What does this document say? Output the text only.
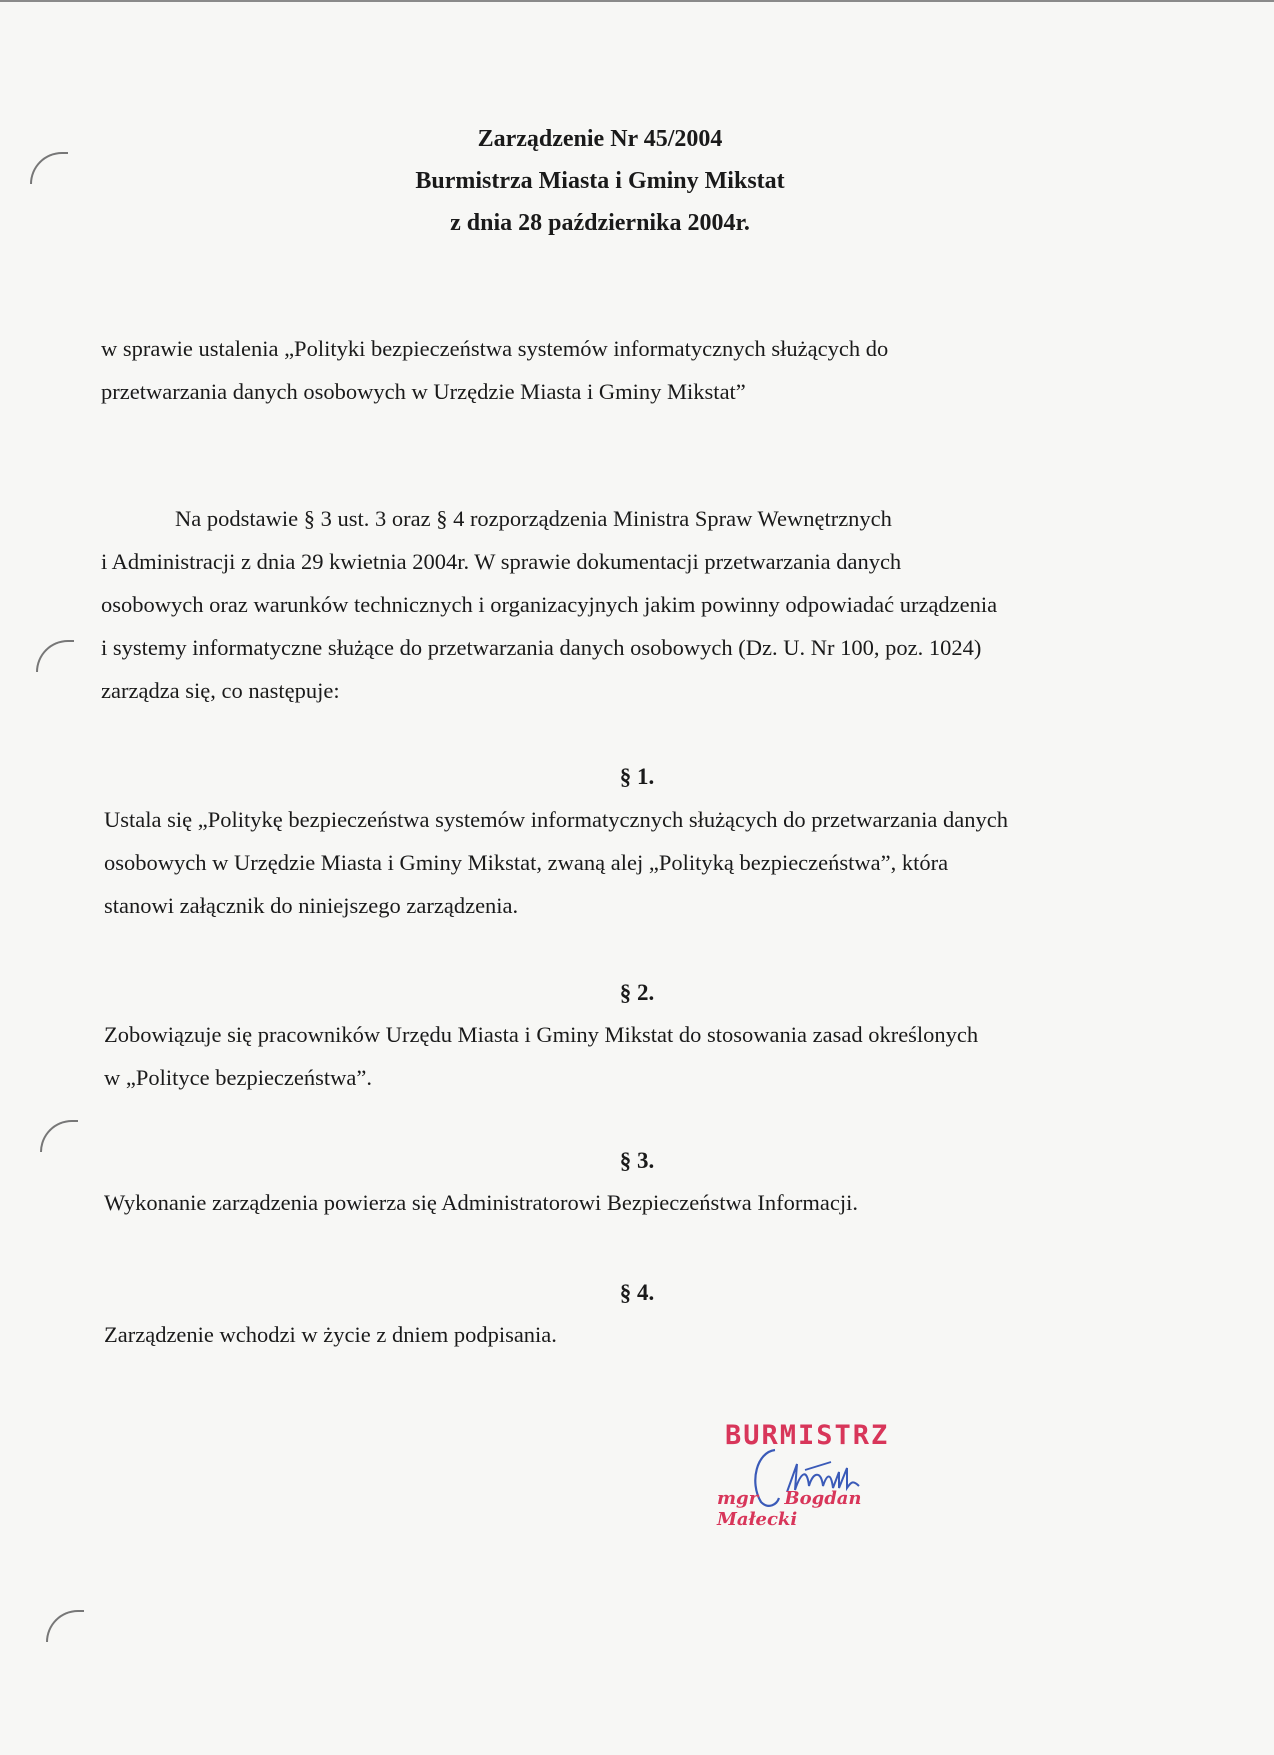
Zarządzenie Nr 45/2004
Burmistrza Miasta i Gminy Mikstat
z dnia 28 października 2004r.
w sprawie ustalenia „Polityki bezpieczeństwa systemów informatycznych służących do
przetwarzania danych osobowych w Urzędzie Miasta i Gminy Mikstat”
Na podstawie § 3 ust. 3 oraz § 4 rozporządzenia Ministra Spraw Wewnętrznych
i Administracji z dnia 29 kwietnia 2004r. W sprawie dokumentacji przetwarzania danych
osobowych oraz warunków technicznych i organizacyjnych jakim powinny odpowiadać urządzenia
i systemy informatyczne służące do przetwarzania danych osobowych (Dz. U. Nr 100, poz. 1024)
zarządza się, co następuje:
§ 1.
Ustala się „Politykę bezpieczeństwa systemów informatycznych służących do przetwarzania danych
osobowych w Urzędzie Miasta i Gminy Mikstat, zwaną alej „Polityką bezpieczeństwa”, która
stanowi załącznik do niniejszego zarządzenia.
§ 2.
Zobowiązuje się pracowników Urzędu Miasta i Gminy Mikstat do stosowania zasad określonych
w „Polityce bezpieczeństwa”.
§ 3.
Wykonanie zarządzenia powierza się Administratorowi Bezpieczeństwa Informacji.
§ 4.
Zarządzenie wchodzi w życie z dniem podpisania.
BURMISTRZ
mgr Bogdan Małecki
